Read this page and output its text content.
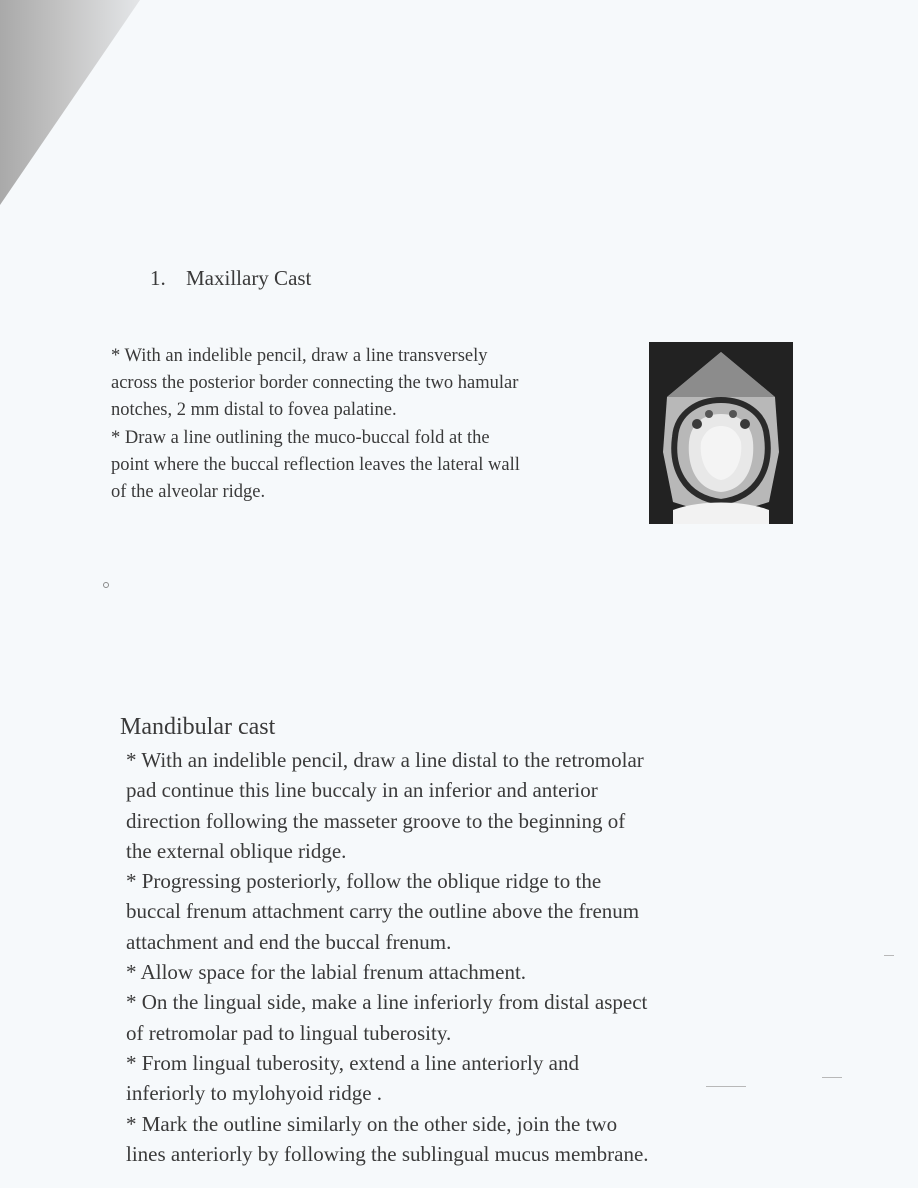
1. Maxillary Cast

* With an indelible pencil, draw a line transversely

across the posterior border connecting the two hamular

notches, 2 mm distal to fovea palatine.

* Draw a line outlining the muco-buccal fold at the

point where the buccal reflection leaves the lateral wall

of the alveolar ridge.

Mandibular cast

* With an indelible pencil, draw a line distal to the retromolar

pad continue this line buccaly in an inferior and anterior

direction following the masseter groove to the beginning of

the external oblique ridge.

* Progressing posteriorly, follow the oblique ridge to the

buccal frenum attachment carry the outline above the frenum

attachment and end the buccal frenum.

* Allow space for the labial frenum attachment.

* On the lingual side, make a line inferiorly from distal aspect

of retromolar pad to lingual tuberosity.

* From lingual tuberosity, extend a line anteriorly and

inferiorly to mylohyoid ridge .

* Mark the outline similarly on the other side, join the two

lines anteriorly by following the sublingual mucus membrane.
